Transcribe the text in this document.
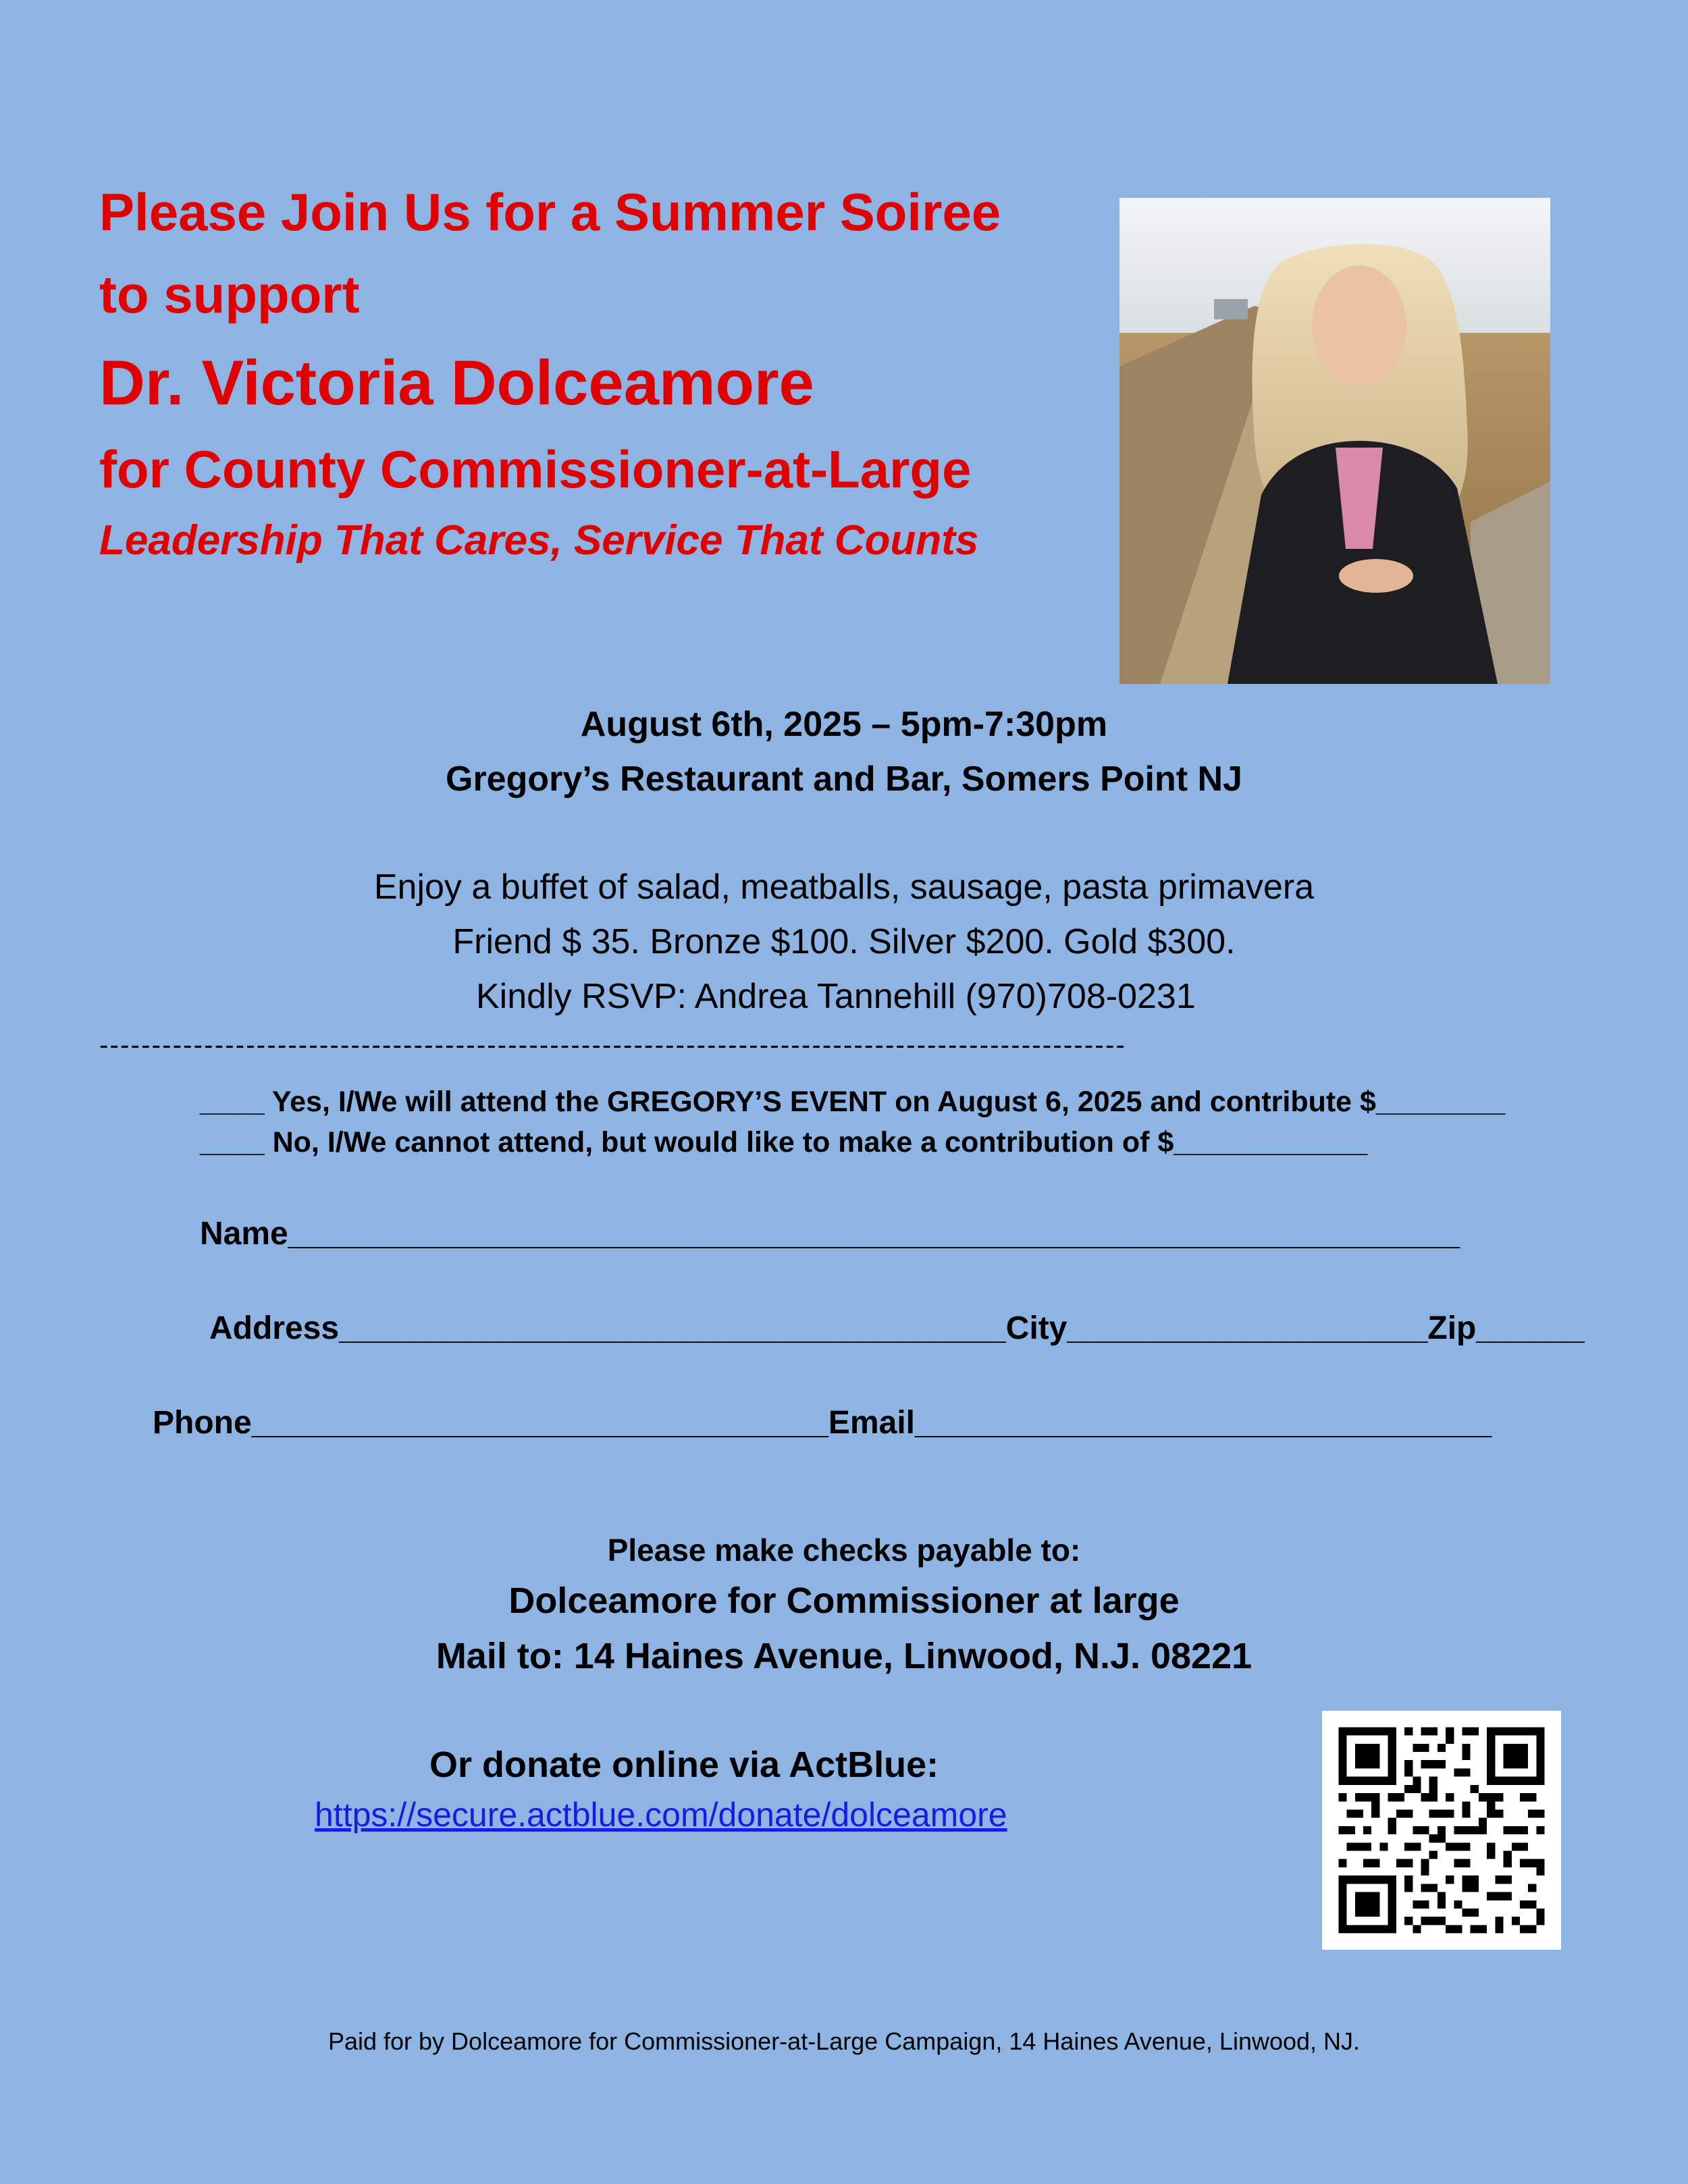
Please Join Us for a Summer Soiree
to support
Dr. Victoria Dolceamore
for County Commissioner-at-Large
Leadership That Cares, Service That Counts
August 6th, 2025 – 5pm-7:30pm
Gregory’s Restaurant and Bar, Somers Point NJ
Enjoy a buffet of salad, meatballs, sausage, pasta primavera
Friend $ 35. Bronze $100. Silver $200. Gold $300.
Kindly RSVP: Andrea Tannehill (970)708-0231
--------------------------------------------------------------------------------------------------
____ Yes, I/We will attend the GREGORY’S EVENT on August 6, 2025 and contribute $________
____ No, I/We cannot attend, but would like to make a contribution of $____________
Name_________________________________________________________________
Address_____________________________________City____________________Zip______
Phone________________________________Email________________________________
Please make checks payable to:
Dolceamore for Commissioner at large
Mail to: 14 Haines Avenue, Linwood, N.J. 08221
Or donate online via ActBlue:
https://secure.actblue.com/donate/dolceamore
Paid for by Dolceamore for Commissioner-at-Large Campaign, 14 Haines Avenue, Linwood, NJ.
